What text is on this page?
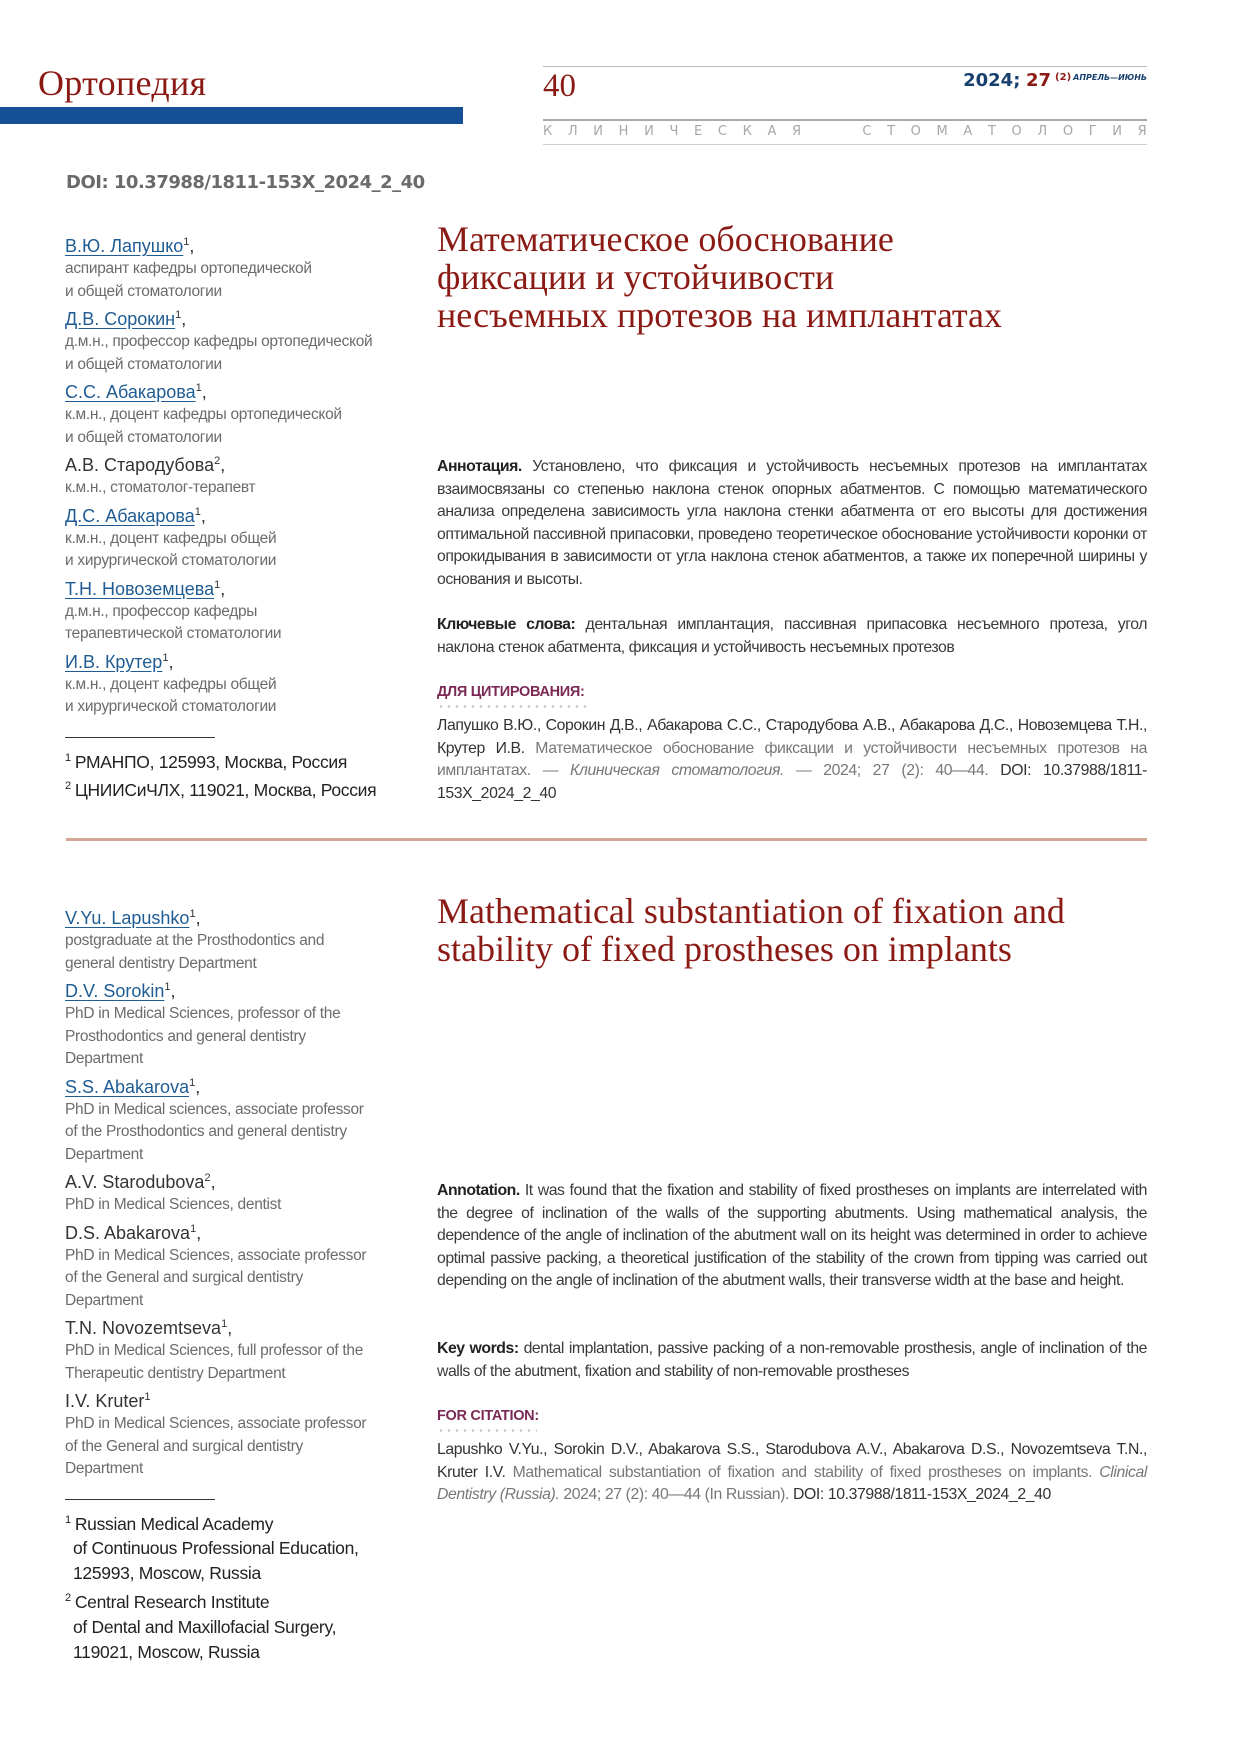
Ортопедия	40	2024; 27 $^{(2)}$ $^{АПРЕЛЬ—ИЮНЬ}$
К Л И Н И Ч Е С К А Я	С Т О М А Т О Л О Г И Я
DOI: 10.37988/1811-153X_2024_2_40
В.Ю. Лапушко$^1$,
аспирант кафедры ортопедической
и общей стоматологии
Д.В. Сорокин$^1$,
д.м.н., профессор кафедры ортопедической
и общей стоматологии
С.С. Абакарова$^1$,
к.м.н., доцент кафедры ортопедической
и общей стоматологии
А.В. Стародубова$^2$,
к.м.н., стоматолог-терапевт
Д.С. Абакарова$^1$,
к.м.н., доцент кафедры общей
и хирургической стоматологии
Т.Н. Новоземцева$^1$,
д.м.н., профессор кафедры
терапевтической стоматологии
И.В. Крутер$^1$,
к.м.н., доцент кафедры общей
и хирургической стоматологии
$^1$ РМАНПО, 125993, Москва, Россия
$^2$ ЦНИИСиЧЛХ, 119021, Москва, Россия
Математическое обоснование
фиксации и устойчивости
несъемных протезов на имплантатах
Аннотация. Установлено, что фиксация и устойчивость несъемных протезов на имплантатах взаимосвязаны со степенью наклона стенок опорных абатментов. С помощью математического анализа определена зависимость угла наклона стенки абатмента от его высоты для достижения оптимальной пассивной припасовки, проведено теоретическое обоснование устойчивости коронки от опрокидывания в зависимости от угла наклона стенок абатментов, а также их поперечной ширины у основания и высоты.
Ключевые слова: дентальная имплантация, пассивная припасовка несъемного протеза, угол наклона стенок абатмента, фиксация и устойчивость несъемных протезов
ДЛЯ ЦИТИРОВАНИЯ:
Лапушко В.Ю., Сорокин Д.В., Абакарова С.С., Стародубова А.В., Абакарова Д.С., Новоземцева Т.Н., Крутер И.В. Математическое обоснование фиксации и устойчивости несъемных протезов на имплантатах. — Клиническая стоматология. — 2024; 27 (2): 40—44. DOI: 10.37988/1811-153X_2024_2_40
V.Yu. Lapushko$^1$,
postgraduate at the Prosthodontics and
general dentistry Department
D.V. Sorokin$^1$,
PhD in Medical Sciences, professor of the
Prosthodontics and general dentistry
Department
S.S. Abakarova$^1$,
PhD in Medical sciences, associate professor
of the Prosthodontics and general dentistry
Department
A.V. Starodubova$^2$,
PhD in Medical Sciences, dentist
D.S. Abakarova$^1$,
PhD in Medical Sciences, associate professor
of the General and surgical dentistry
Department
T.N. Novozemtseva$^1$,
PhD in Medical Sciences, full professor of the
Therapeutic dentistry Department
I.V. Kruter$^1$
PhD in Medical Sciences, associate professor
of the General and surgical dentistry
Department
$^1$ Russian Medical Academy
of Continuous Professional Education,
125993, Moscow, Russia
$^2$ Central Research Institute
of Dental and Maxillofacial Surgery,
119021, Moscow, Russia
Mathematical substantiation of fixation and
stability of fixed prostheses on implants
Annotation. It was found that the fixation and stability of fixed prostheses on implants are interrelated with the degree of inclination of the walls of the supporting abutments. Using mathematical analysis, the dependence of the angle of inclination of the abutment wall on its height was determined in order to achieve optimal passive packing, a theoretical justification of the stability of the crown from tipping was carried out depending on the angle of inclination of the abutment walls, their transverse width at the base and height.
Key words: dental implantation, passive packing of a non-removable prosthesis, angle of inclination of the walls of the abutment, fixation and stability of non-removable prostheses
FOR CITATION:
Lapushko V.Yu., Sorokin D.V., Abakarova S.S., Starodubova A.V., Abakarova D.S., Novozemtseva T.N., Kruter I.V. Mathematical substantiation of fixation and stability of fixed prostheses on implants. Clinical Dentistry (Russia). 2024; 27 (2): 40—44 (In Russian). DOI: 10.37988/1811-153X_2024_2_40
